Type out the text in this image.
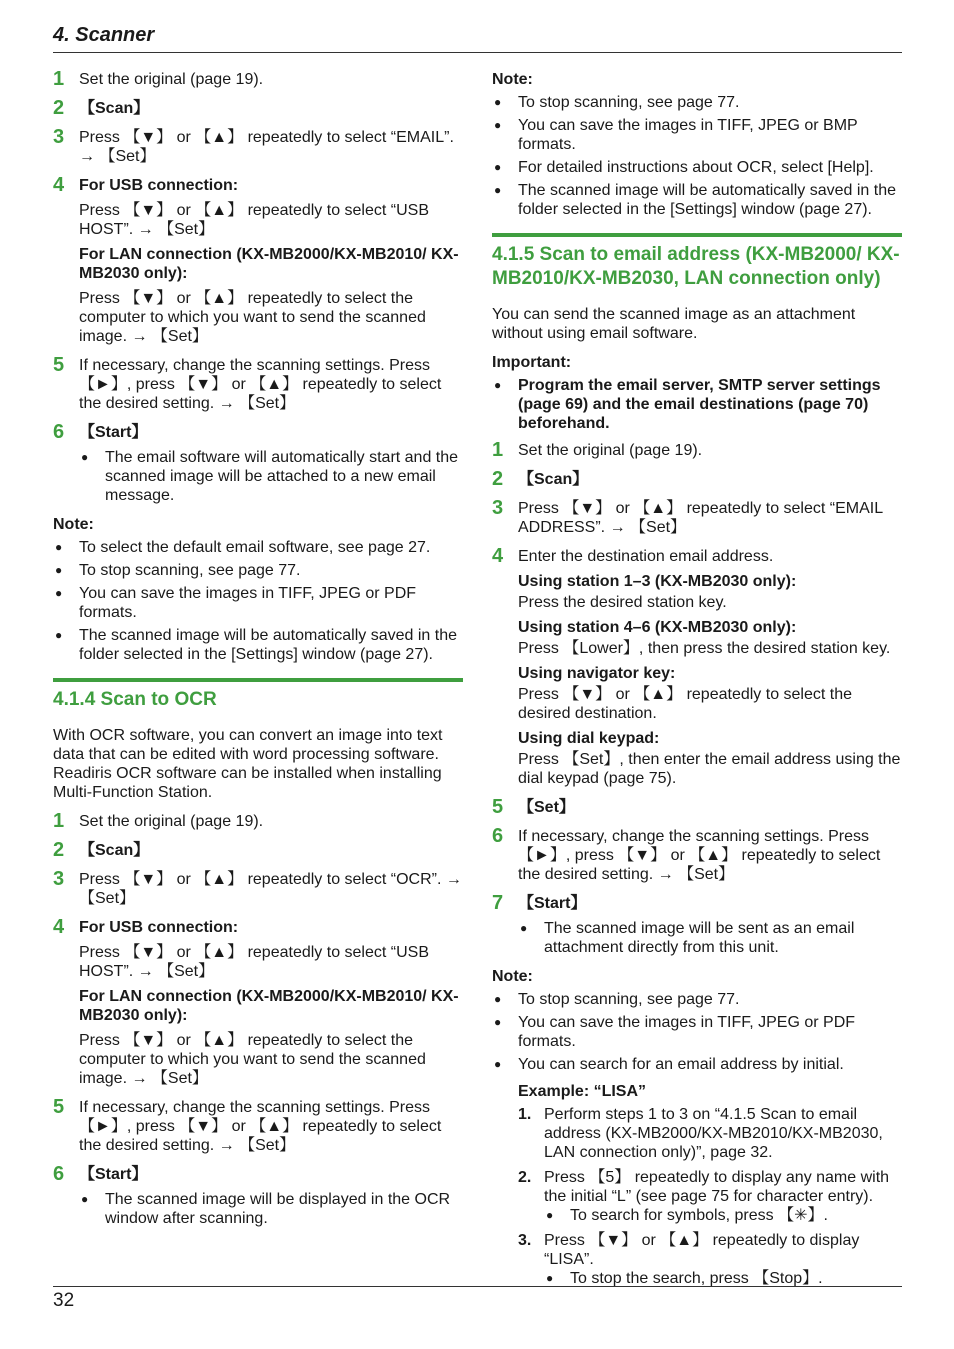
4. Scanner
1 Set the original (page 19).

2 【Scan】

3 Press 【▼】 or 【▲】 repeatedly to select “EMAIL”. → 【Set】

4 For USB connection:

Press 【▼】 or 【▲】 repeatedly to select “USB HOST”. → 【Set】

For LAN connection (KX-MB2000/KX-MB2010/ KX-MB2030 only):

Press 【▼】 or 【▲】 repeatedly to select the computer to which you want to send the scanned image. → 【Set】

5 If necessary, change the scanning settings. Press 【►】, press 【▼】 or 【▲】 repeatedly to select the desired setting. → 【Set】

6 【Start】

● The email software will automatically start and the scanned image will be attached to a new email message.
Note:
● To select the default email software, see page 27.
● To stop scanning, see page 77.
● You can save the images in TIFF, JPEG or PDF formats.
● The scanned image will be automatically saved in the folder selected in the [Settings] window (page 27).
4.1.4 Scan to OCR

With OCR software, you can convert an image into text data that can be edited with word processing software. Readiris OCR software can be installed when installing Multi-Function Station.

1 Set the original (page 19).

2 【Scan】

3 Press 【▼】 or 【▲】 repeatedly to select “OCR”. → 【Set】

4 For USB connection:

Press 【▼】 or 【▲】 repeatedly to select “USB HOST”. → 【Set】

For LAN connection (KX-MB2000/KX-MB2010/ KX-MB2030 only):

Press 【▼】 or 【▲】 repeatedly to select the computer to which you want to send the scanned image. → 【Set】

5 If necessary, change the scanning settings. Press 【►】, press 【▼】 or 【▲】 repeatedly to select the desired setting. → 【Set】

6 【Start】

● The scanned image will be displayed in the OCR window after scanning.
Note:
● To stop scanning, see page 77.
● You can save the images in TIFF, JPEG or BMP formats.
● For detailed instructions about OCR, select [Help].
● The scanned image will be automatically saved in the folder selected in the [Settings] window (page 27).
4.1.5 Scan to email address (KX-MB2000/ KX-MB2010/KX-MB2030, LAN connection only)

You can send the scanned image as an attachment without using email software.

Important:
● Program the email server, SMTP server settings (page 69) and the email destinations (page 70) beforehand.
1 Set the original (page 19).

2 【Scan】

3 Press 【▼】 or 【▲】 repeatedly to select “EMAIL ADDRESS”. → 【Set】

4 Enter the destination email address.

Using station 1–3 (KX-MB2030 only):
Press the desired station key.
Using station 4–6 (KX-MB2030 only):
Press 【Lower】, then press the desired station key.
Using navigator key:
Press 【▼】 or 【▲】 repeatedly to select the desired destination.
Using dial keypad:
Press 【Set】, then enter the email address using the dial keypad (page 75).
5 【Set】

6 If necessary, change the scanning settings. Press 【►】, press 【▼】 or 【▲】 repeatedly to select the desired setting. → 【Set】

7 【Start】

● The scanned image will be sent as an email attachment directly from this unit.
Note:
● To stop scanning, see page 77.
● You can save the images in TIFF, JPEG or PDF formats.
● You can search for an email address by initial.
Example: “LISA”
1. Perform steps 1 to 3 on “4.1.5 Scan to email address (KX-MB2000/KX-MB2010/KX-MB2030, LAN connection only)”, page 32.
2. Press 【5】 repeatedly to display any name with the initial “L” (see page 75 for character entry).
● To search for symbols, press 【✳】.
3. Press 【▼】 or 【▲】 repeatedly to display “LISA”.
● To stop the search, press 【Stop】.
32
